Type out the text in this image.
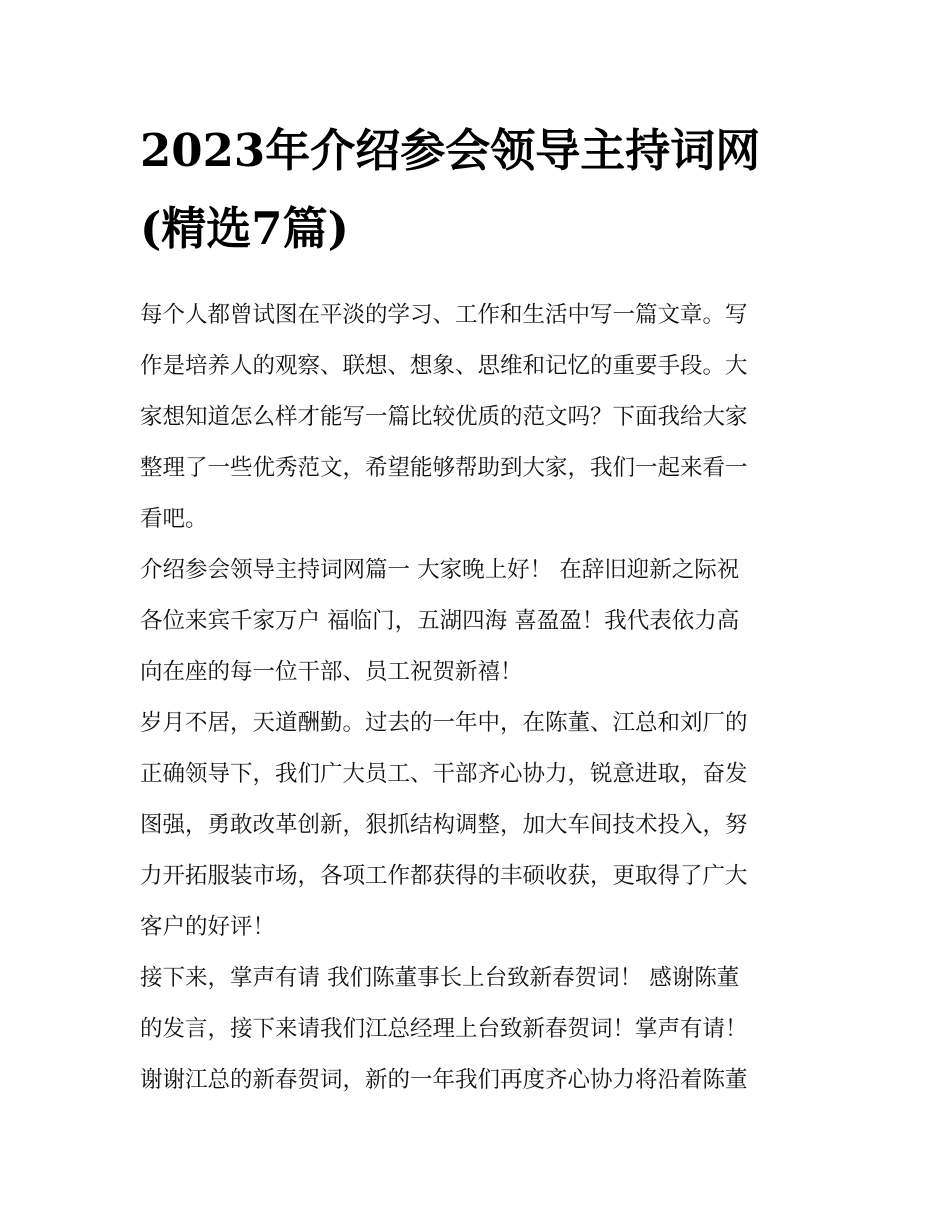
2023年介绍参会领导主持词网
(精选7篇)
每个人都曾试图在平淡的学习、工作和生活中写一篇文章。写
作是培养人的观察、联想、想象、思维和记忆的重要手段。大
家想知道怎么样才能写一篇比较优质的范文吗？下面我给大家
整理了一些优秀范文，希望能够帮助到大家，我们一起来看一
看吧。
介绍参会领导主持词网篇一 大家晚上好！ 在辞旧迎新之际祝
各位来宾千家万户 福临门，五湖四海 喜盈盈！我代表依力高
向在座的每一位干部、员工祝贺新禧！
岁月不居，天道酬勤。过去的一年中，在陈董、江总和刘厂的
正确领导下，我们广大员工、干部齐心协力，锐意进取，奋发
图强，勇敢改革创新，狠抓结构调整，加大车间技术投入，努
力开拓服装市场，各项工作都获得的丰硕收获，更取得了广大
客户的好评！
接下来，掌声有请 我们陈董事长上台致新春贺词！ 感谢陈董
的发言，接下来请我们江总经理上台致新春贺词！掌声有请！
谢谢江总的新春贺词，新的一年我们再度齐心协力将沿着陈董
